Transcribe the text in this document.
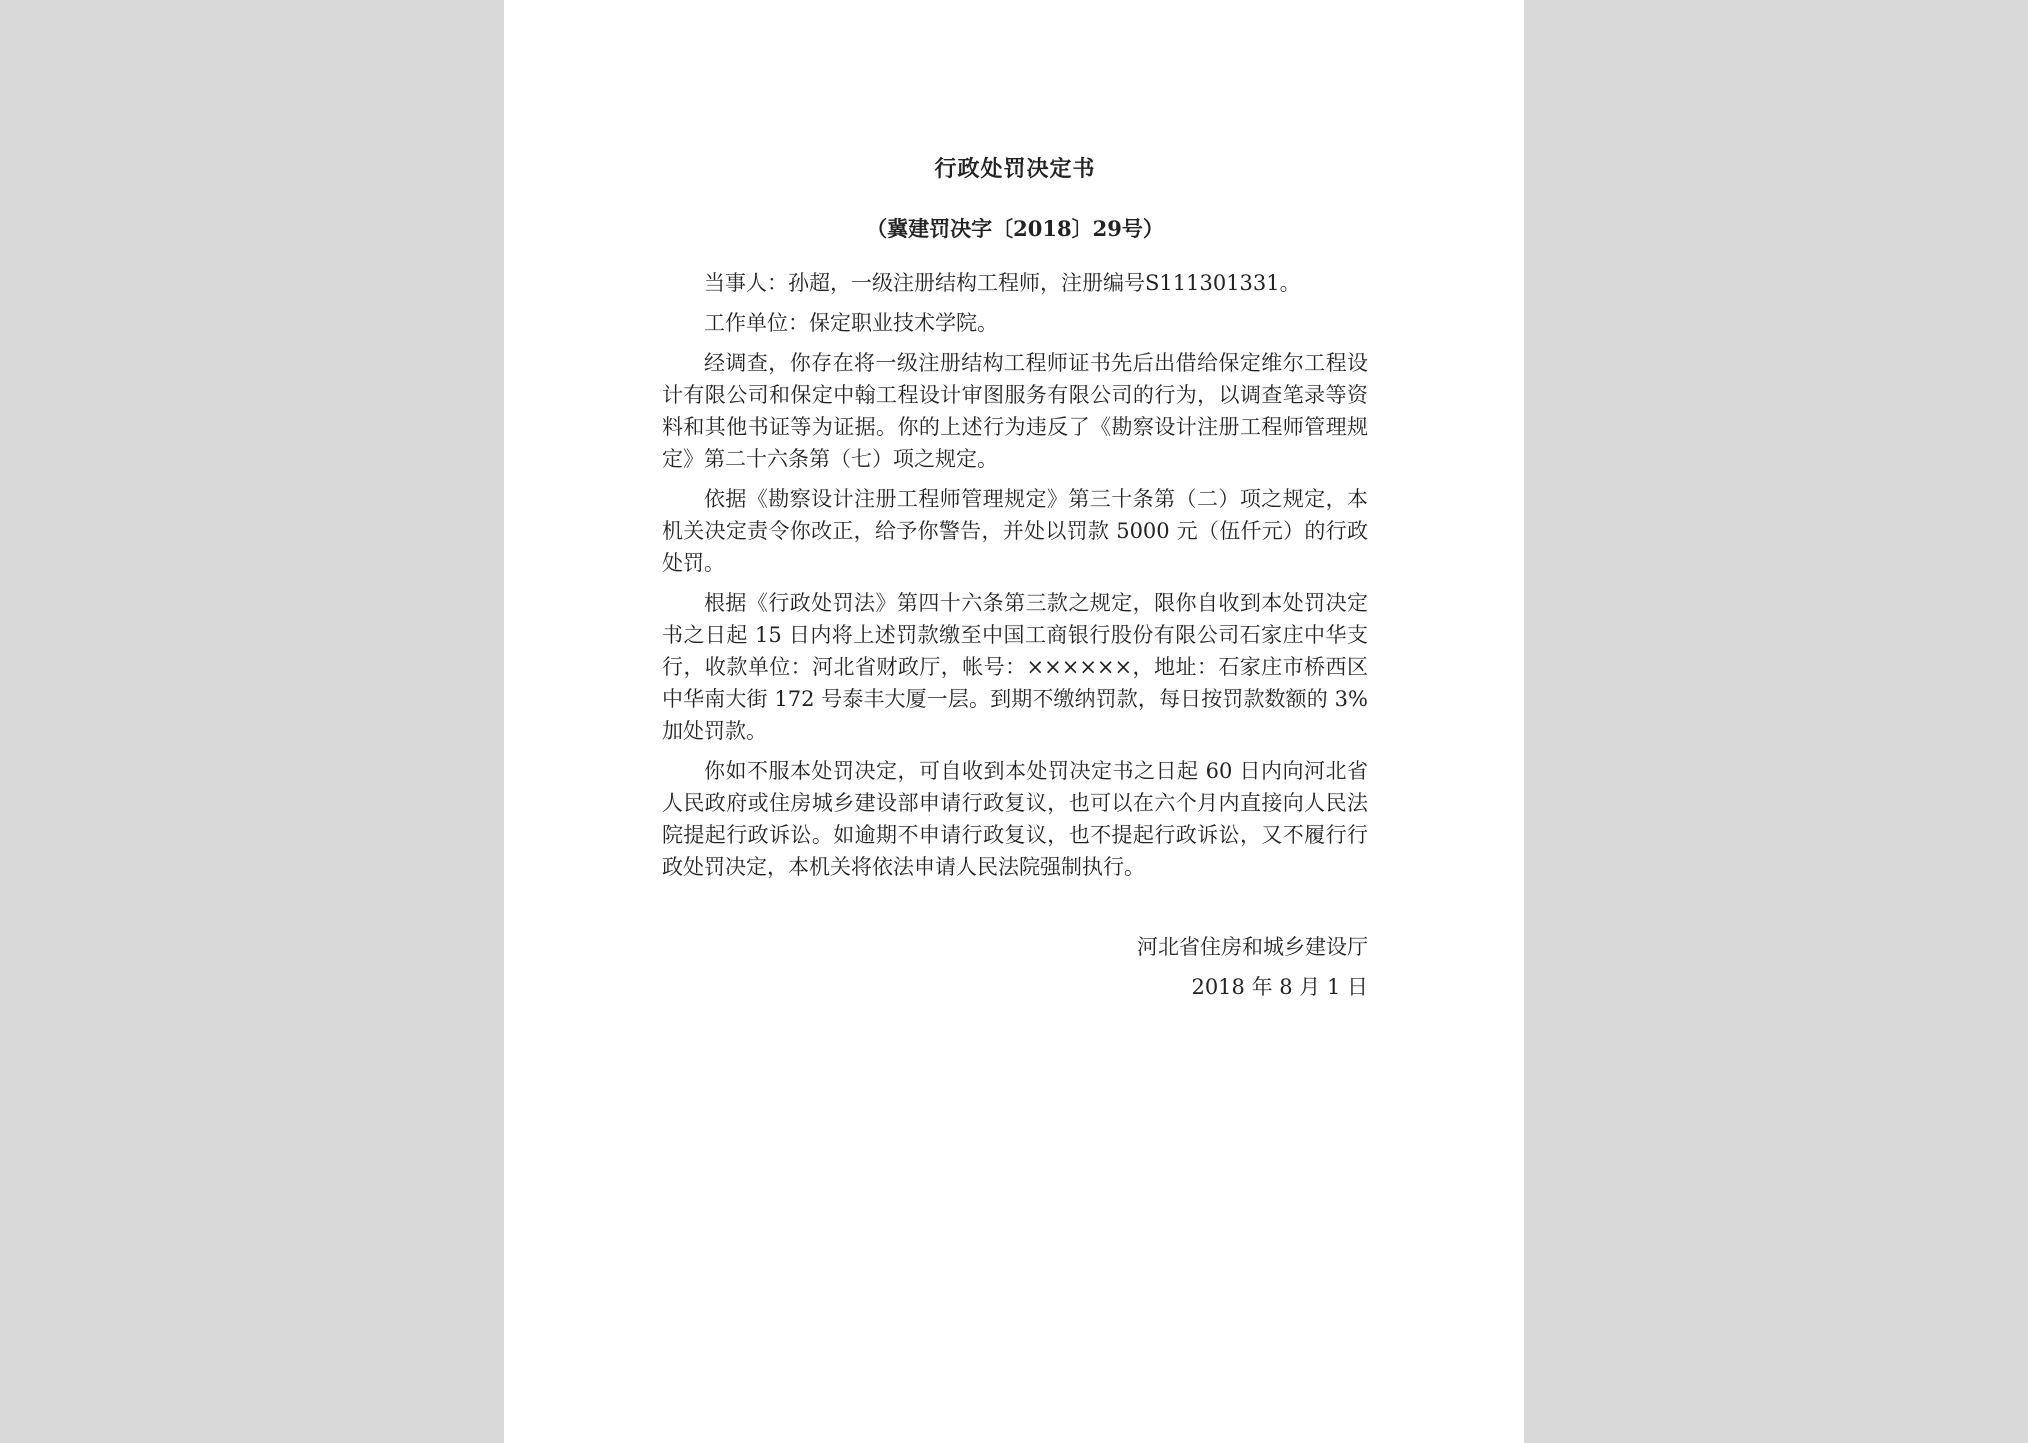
行政处罚决定书
（冀建罚决字〔2018〕29号）

当事人：孙超，一级注册结构工程师，注册编号S111301331。

工作单位：保定职业技术学院。

经调查，你存在将一级注册结构工程师证书先后出借给保定维尔工程设计有限公司和保定中翰工程设计审图服务有限公司的行为，以调查笔录等资料和其他书证等为证据。你的上述行为违反了《勘察设计注册工程师管理规定》第二十六条第（七）项之规定。

依据《勘察设计注册工程师管理规定》第三十条第（二）项之规定，本机关决定责令你改正，给予你警告，并处以罚款 5000 元（伍仟元）的行政处罚。

根据《行政处罚法》第四十六条第三款之规定，限你自收到本处罚决定书之日起 15 日内将上述罚款缴至中国工商银行股份有限公司石家庄中华支行，收款单位：河北省财政厅，帐号：××××××，地址：石家庄市桥西区中华南大街 172 号泰丰大厦一层。到期不缴纳罚款，每日按罚款数额的 3%加处罚款。

你如不服本处罚决定，可自收到本处罚决定书之日起 60 日内向河北省人民政府或住房城乡建设部申请行政复议，也可以在六个月内直接向人民法院提起行政诉讼。如逾期不申请行政复议，也不提起行政诉讼，又不履行行政处罚决定，本机关将依法申请人民法院强制执行。

河北省住房和城乡建设厅
2018 年 8 月 1 日
